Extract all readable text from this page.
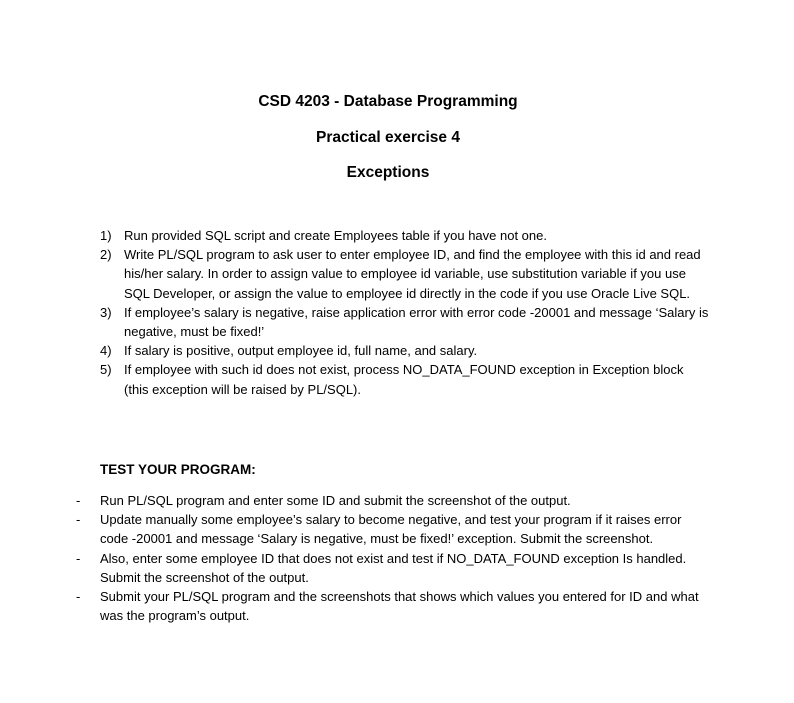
CSD 4203 - Database Programming
Practical exercise 4
Exceptions
1) Run provided SQL script and create Employees table if you have not one.
2) Write PL/SQL program to ask user to enter employee ID, and find the employee with this id and read his/her salary. In order to assign value to employee id variable, use substitution variable if you use SQL Developer, or assign the value to employee id directly in the code if you use Oracle Live SQL.
3) If employee’s salary is negative, raise application error with error code -20001 and message ‘Salary is negative, must be fixed!’
4) If salary is positive, output employee id, full name, and salary.
5) If employee with such id does not exist, process NO_DATA_FOUND exception in Exception block (this exception will be raised by PL/SQL).
TEST YOUR PROGRAM:
- Run PL/SQL program and enter some ID and submit the screenshot of the output.
- Update manually some employee’s salary to become negative, and test your program if it raises error code -20001 and message ‘Salary is negative, must be fixed!’ exception. Submit the screenshot.
- Also, enter some employee ID that does not exist and test if NO_DATA_FOUND exception Is handled. Submit the screenshot of the output.
- Submit your PL/SQL program and the screenshots that shows which values you entered for ID and what was the program’s output.
